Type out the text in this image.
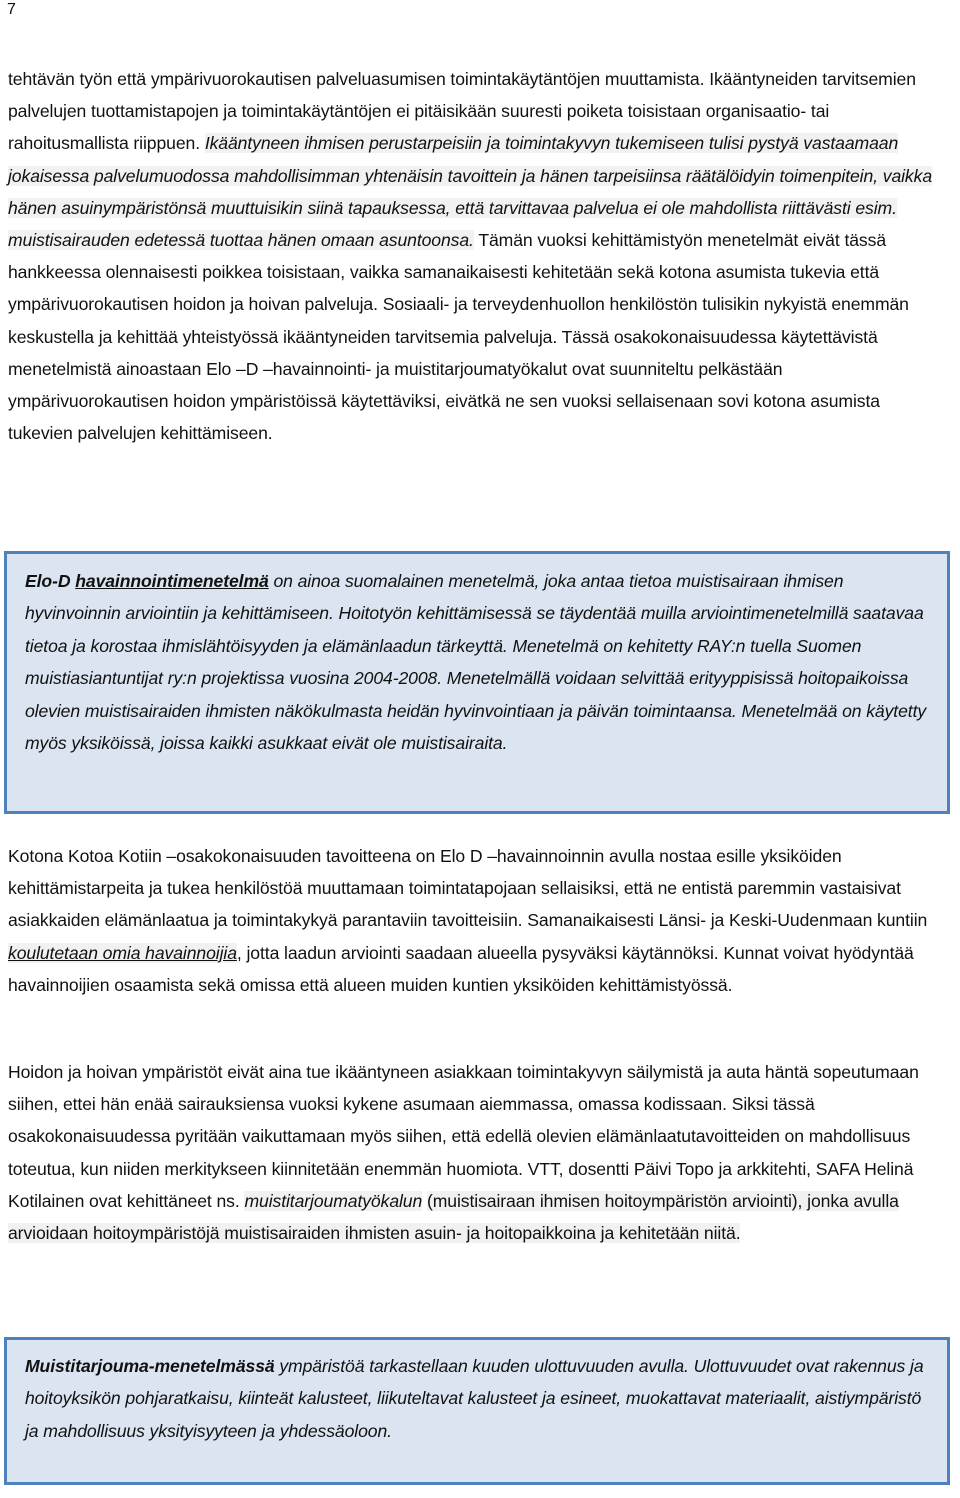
7

tehtävän työn että ympärivuorokautisen palveluasumisen toimintakäytäntöjen muuttamista. Ikääntyneiden tarvitsemien palvelujen tuottamistapojen ja toimintakäytäntöjen ei pitäisikään suuresti poiketa toisistaan organisaatio- tai rahoitusmallista riippuen. Ikääntyneen ihmisen perustarpeisiin ja toimintakyvyn tukemiseen tulisi pystyä vastaamaan jokaisessa palvelumuodossa mahdollisimman yhtenäisin tavoittein ja hänen tarpeisiinsa räätälöidyin toimenpitein, vaikka hänen asuinympäristönsä muuttuisikin siinä tapauksessa, että tarvittavaa palvelua ei ole mahdollista riittävästi esim. muistisairauden edetessä tuottaa hänen omaan asuntoonsa. Tämän vuoksi kehittämistyön menetelmät eivät tässä hankkeessa olennaisesti poikkea toisistaan, vaikka samanaikaisesti kehitetään sekä kotona asumista tukevia että ympärivuorokautisen hoidon ja hoivan palveluja. Sosiaali- ja terveydenhuollon henkilöstön tulisikin nykyistä enemmän keskustella ja kehittää yhteistyössä ikääntyneiden tarvitsemia palveluja. Tässä osakokonaisuudessa käytettävistä menetelmistä ainoastaan Elo –D –havainnointi- ja muistitarjoumatyökalut ovat suunniteltu pelkästään ympärivuorokautisen hoidon ympäristöissä käytettäviksi, eivätkä ne sen vuoksi sellaisenaan sovi kotona asumista tukevien palvelujen kehittämiseen.

Elo-D havainnointimenetelmä on ainoa suomalainen menetelmä, joka antaa tietoa muistisairaan ihmisen hyvinvoinnin arviointiin ja kehittämiseen. Hoitotyön kehittämisessä se täydentää muilla arviointimenetelmillä saatavaa tietoa ja korostaa ihmislähtöisyyden ja elämänlaadun tärkeyttä. Menetelmä on kehitetty RAY:n tuella Suomen muistiasiantuntijat ry:n projektissa vuosina 2004-2008. Menetelmällä voidaan selvittää erityyppisissä hoitopaikoissa olevien muistisairaiden ihmisten näkökulmasta heidän hyvinvointiaan ja päivän toimintaansa. Menetelmää on käytetty myös yksiköissä, joissa kaikki asukkaat eivät ole muistisairaita.

Kotona Kotoa Kotiin –osakokonaisuuden tavoitteena on Elo D –havainnoinnin avulla nostaa esille yksiköiden kehittämistarpeita ja tukea henkilöstöä muuttamaan toimintatapojaan sellaisiksi, että ne entistä paremmin vastaisivat asiakkaiden elämänlaatua ja toimintakykyä parantaviin tavoitteisiin. Samanaikaisesti Länsi- ja Keski-Uudenmaan kuntiin koulutetaan omia havainnoijia, jotta laadun arviointi saadaan alueella pysyväksi käytännöksi. Kunnat voivat hyödyntää havainnoijien osaamista sekä omissa että alueen muiden kuntien yksiköiden kehittämistyössä.

Hoidon ja hoivan ympäristöt eivät aina tue ikääntyneen asiakkaan toimintakyvyn säilymistä ja auta häntä sopeutumaan siihen, ettei hän enää sairauksiensa vuoksi kykene asumaan aiemmassa, omassa kodissaan. Siksi tässä osakokonaisuudessa pyritään vaikuttamaan myös siihen, että edellä olevien elämänlaatutavoitteiden on mahdollisuus toteutua, kun niiden merkitykseen kiinnitetään enemmän huomiota. VTT, dosentti Päivi Topo ja arkkitehti, SAFA Helinä Kotilainen ovat kehittäneet ns. muistitarjoumatyökalun (muistisairaan ihmisen hoitoympäristön arviointi), jonka avulla arvioidaan hoitoympäristöjä muistisairaiden ihmisten asuin- ja hoitopaikkoina ja kehitetään niitä.

Muistitarjouma-menetelmässä ympäristöä tarkastellaan kuuden ulottuvuuden avulla. Ulottuvuudet ovat rakennus ja hoitoyksikön pohjaratkaisu, kiinteät kalusteet, liikuteltavat kalusteet ja esineet, muokattavat materiaalit, aistiympäristö ja mahdollisuus yksityisyyteen ja yhdessäoloon.
